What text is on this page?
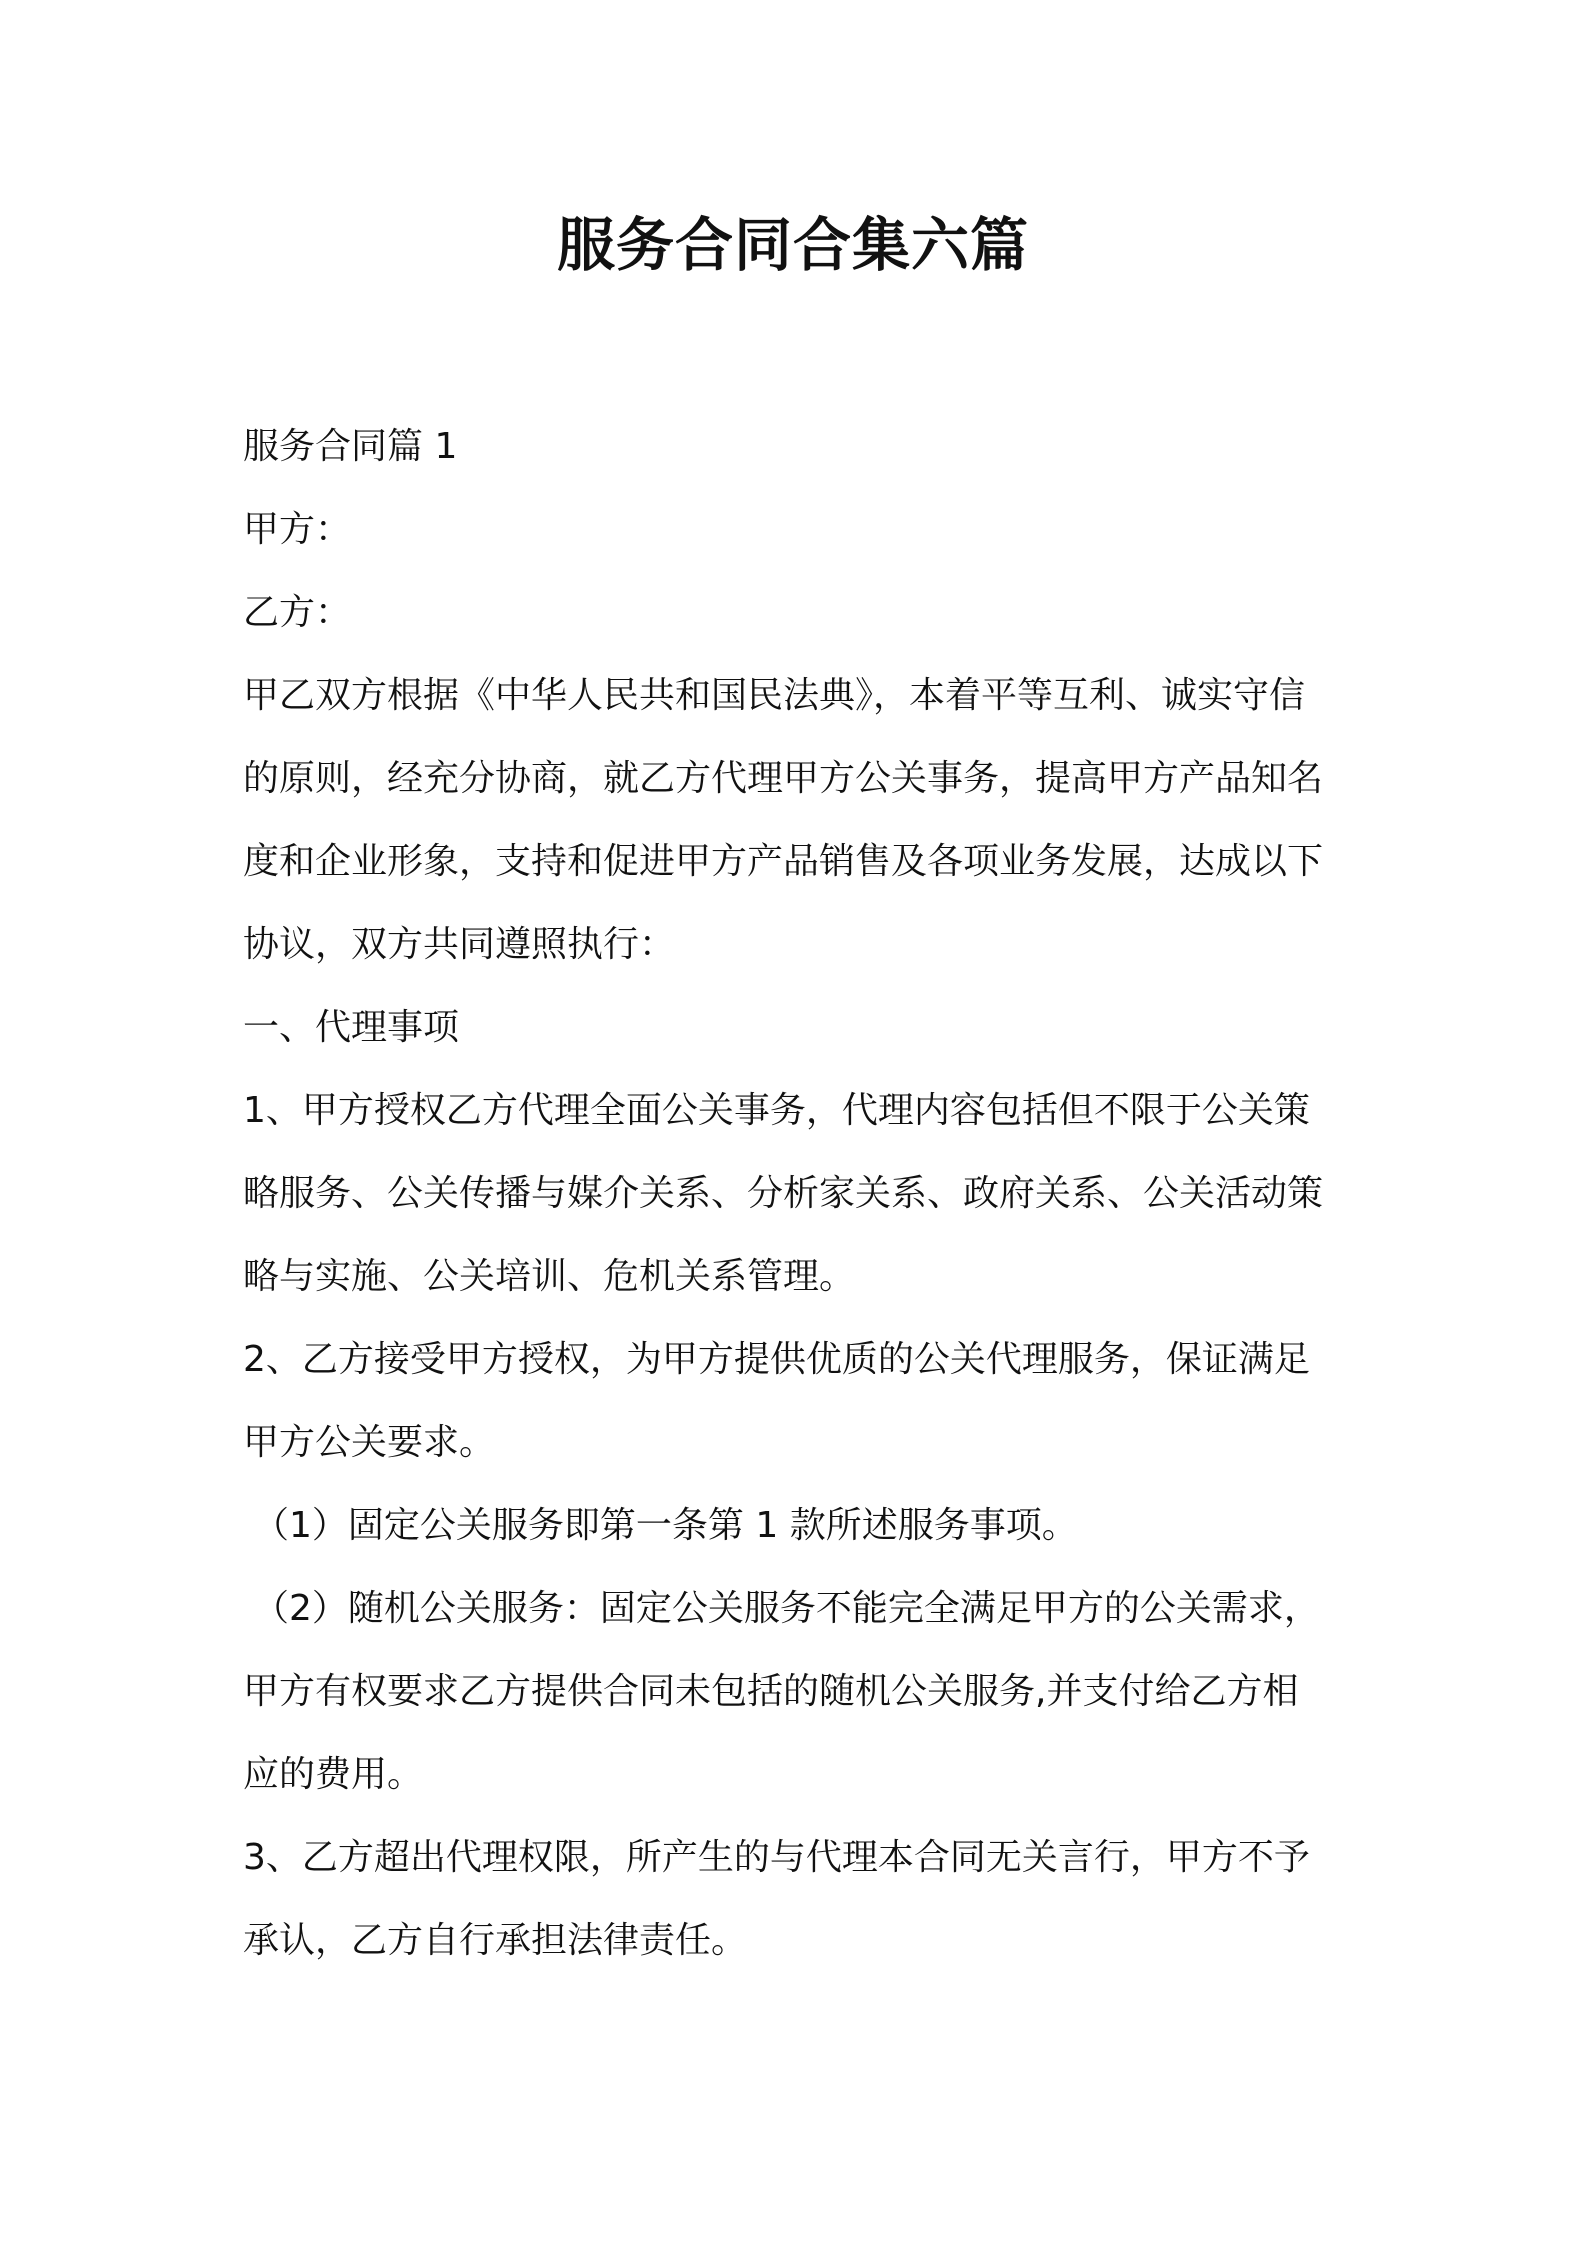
服务合同合集六篇
服务合同篇 1
甲方：
乙方：
甲乙双方根据《中华人民共和国民法典》，本着平等互利、诚实守信
的原则，经充分协商，就乙方代理甲方公关事务，提高甲方产品知名
度和企业形象，支持和促进甲方产品销售及各项业务发展，达成以下
协议，双方共同遵照执行：
一、代理事项
1、甲方授权乙方代理全面公关事务，代理内容包括但不限于公关策
略服务、公关传播与媒介关系、分析家关系、政府关系、公关活动策
略与实施、公关培训、危机关系管理。
2、乙方接受甲方授权，为甲方提供优质的公关代理服务，保证满足
甲方公关要求。
（1）固定公关服务即第一条第 1 款所述服务事项。
（2）随机公关服务：固定公关服务不能完全满足甲方的公关需求，
甲方有权要求乙方提供合同未包括的随机公关服务,并支付给乙方相
应的费用。
3、乙方超出代理权限，所产生的与代理本合同无关言行，甲方不予
承认，乙方自行承担法律责任。
